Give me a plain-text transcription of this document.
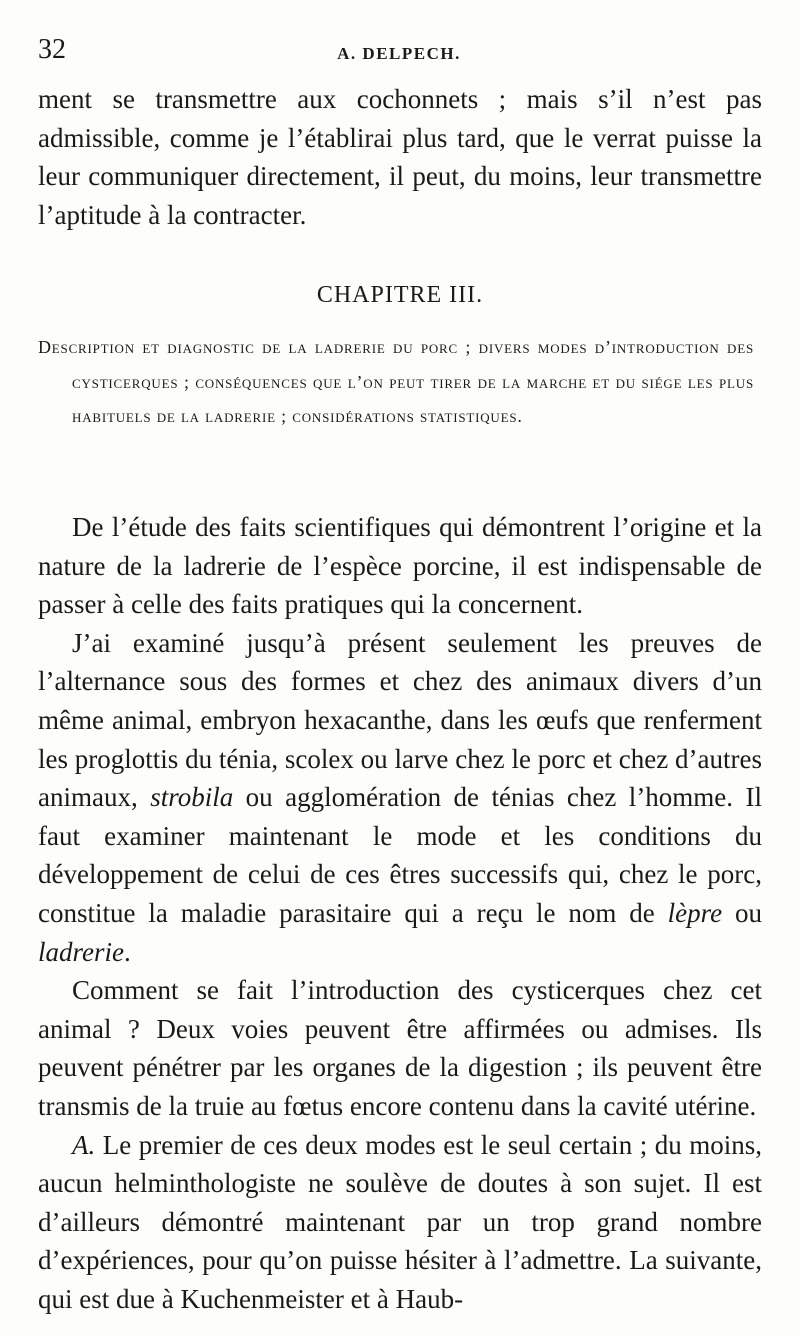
32	A. DELPECH.

ment se transmettre aux cochonnets ; mais s’il n’est pas admissible, comme je l’établirai plus tard, que le verrat puisse la leur communiquer directement, il peut, du moins, leur transmettre l’aptitude à la contracter.

CHAPITRE III.
Description et diagnostic de la ladrerie du porc ; divers modes d’introduction des cysticerques ; conséquences que l’on peut tirer de la marche et du siége les plus habituels de la ladrerie ; considérations statistiques.

De l’étude des faits scientifiques qui démontrent l’origine et la nature de la ladrerie de l’espèce porcine, il est indispensable de passer à celle des faits pratiques qui la concernent.

J’ai examiné jusqu’à présent seulement les preuves de l’alternance sous des formes et chez des animaux divers d’un même animal, embryon hexacanthe, dans les œufs que renferment les proglottis du ténia, scolex ou larve chez le porc et chez d’autres animaux, strobila ou agglomération de ténias chez l’homme. Il faut examiner maintenant le mode et les conditions du développement de celui de ces êtres successifs qui, chez le porc, constitue la maladie parasitaire qui a reçu le nom de lèpre ou ladrerie.

Comment se fait l’introduction des cysticerques chez cet animal ? Deux voies peuvent être affirmées ou admises. Ils peuvent pénétrer par les organes de la digestion ; ils peuvent être transmis de la truie au fœtus encore contenu dans la cavité utérine.

A. Le premier de ces deux modes est le seul certain ; du moins, aucun helminthologiste ne soulève de doutes à son sujet. Il est d’ailleurs démontré maintenant par un trop grand nombre d’expériences, pour qu’on puisse hésiter à l’admettre. La suivante, qui est due à Kuchenmeister et à Haub-
